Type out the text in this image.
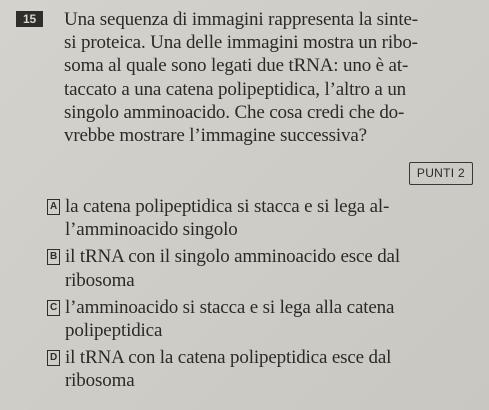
15	Una sequenza di immagini rappresenta la sinte-
si proteica. Una delle immagini mostra un ribo-
soma al quale sono legati due tRNA: uno è at-
taccato a una catena polipeptidica, l’altro a un
singolo amminoacido. Che cosa credi che do-
vrebbe mostrare l’immagine successiva?

PUNTI 2
A la catena polipeptidica si stacca e si lega al-
l’amminoacido singolo
B il tRNA con il singolo amminoacido esce dal
ribosoma
C l’amminoacido si stacca e si lega alla catena
polipeptidica
D il tRNA con la catena polipeptidica esce dal
ribosoma
